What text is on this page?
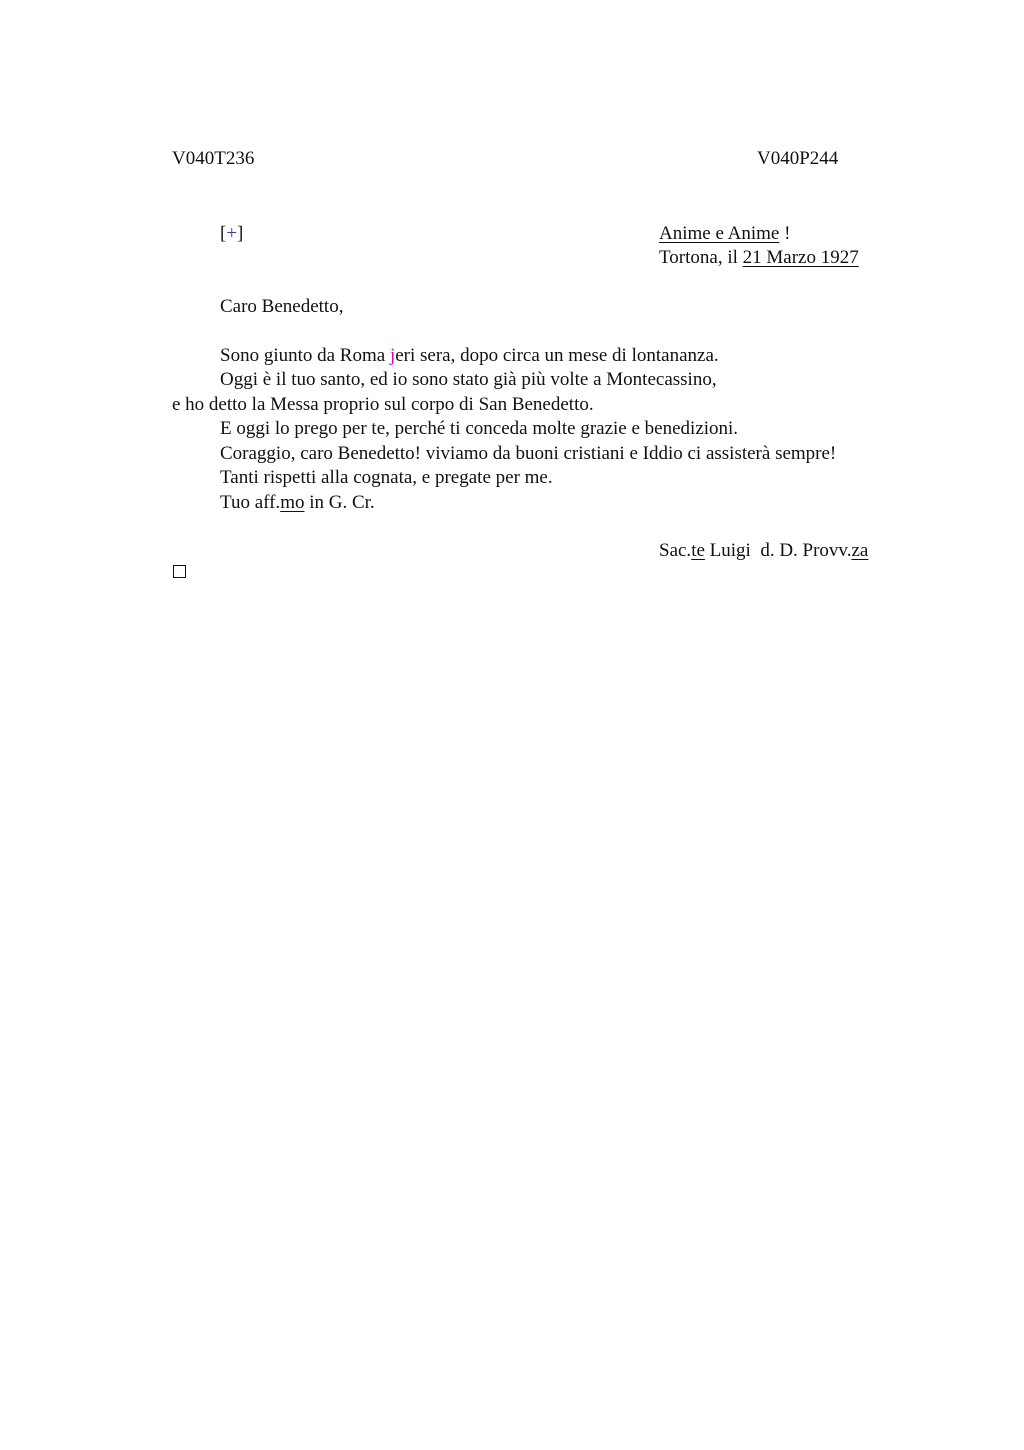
V040T236	V040P244
[+]	Anime e Anime !
Tortona, il 21 Marzo 1927
Caro Benedetto,
Sono giunto da Roma jeri sera, dopo circa un mese di lontananza.
Oggi è il tuo santo, ed io sono stato già più volte a Montecassino,
e ho detto la Messa proprio sul corpo di San Benedetto.
E oggi lo prego per te, perché ti conceda molte grazie e benedizioni.
Coraggio, caro Benedetto! viviamo da buoni cristiani e Iddio ci assisterà sempre!
Tanti rispetti alla cognata, e pregate per me.
Tuo aff.mo in G. Cr.
Sac.te Luigi  d. D. Provv.za
